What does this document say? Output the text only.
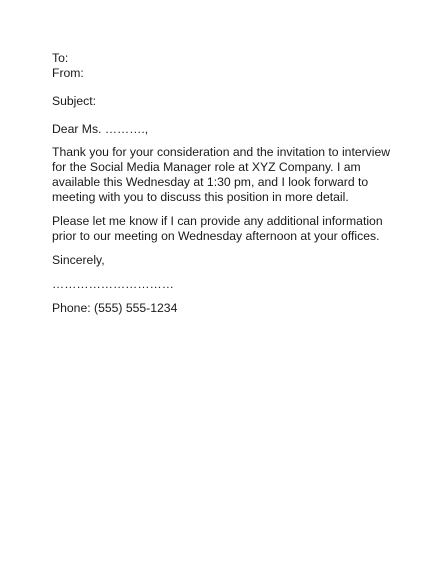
To:
From:
Subject:
Dear Ms. ……….,

Thank you for your consideration and the invitation to interview for the Social Media Manager role at XYZ Company. I am available this Wednesday at 1:30 pm, and I look forward to meeting with you to discuss this position in more detail.

Please let me know if I can provide any additional information prior to our meeting on Wednesday afternoon at your offices.

Sincerely,
…………………………
Phone: (555) 555-1234
